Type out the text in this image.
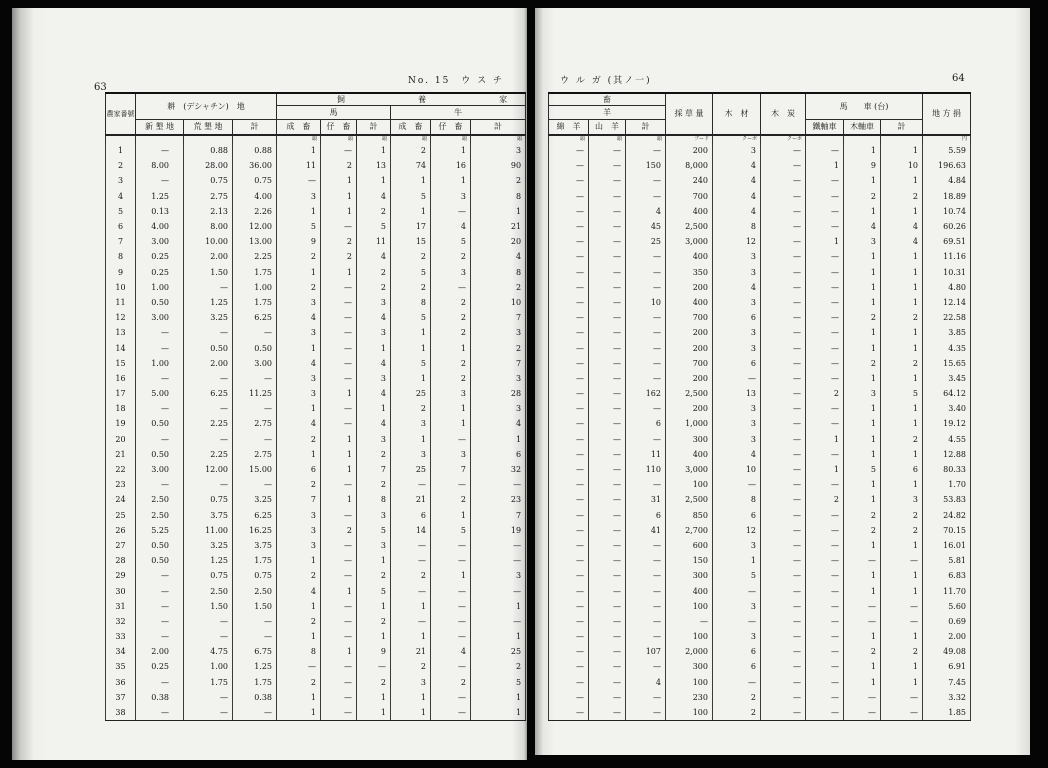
63
No. 15　ウ ス チ
農家番號	耕　(デシャチン)　地			飼 養 家					

				馬			牛		
	新 墾 地	荒 墾 地	計	成　畜	仔　畜	計	成　畜	仔　畜	計
				頭	頭	頭	頭	頭	頭
1	—	0.88	0.88	1	—	1	2	1	3
2	8.00	28.00	36.00	11	2	13	74	16	90
3	—	0.75	0.75	—	1	1	1	1	2
4	1.25	2.75	4.00	3	1	4	5	3	8
5	0.13	2.13	2.26	1	1	2	1	—	1
6	4.00	8.00	12.00	5	—	5	17	4	21
7	3.00	10.00	13.00	9	2	11	15	5	20
8	0.25	2.00	2.25	2	2	4	2	2	4
9	0.25	1.50	1.75	1	1	2	5	3	8
10	1.00	—	1.00	2	—	2	2	—	2
11	0.50	1.25	1.75	3	—	3	8	2	10
12	3.00	3.25	6.25	4	—	4	5	2	7
13	—	—	—	3	—	3	1	2	3
14	—	0.50	0.50	1	—	1	1	1	2
15	1.00	2.00	3.00	4	—	4	5	2	7
16	—	—	—	3	—	3	1	2	3
17	5.00	6.25	11.25	3	1	4	25	3	28
18	—	—	—	1	—	1	2	1	3
19	0.50	2.25	2.75	4	—	4	3	1	4
20	—	—	—	2	1	3	1	—	1
21	0.50	2.25	2.75	1	1	2	3	3	6
22	3.00	12.00	15.00	6	1	7	25	7	32
23	—	—	—	2	—	2	—	—	—
24	2.50	0.75	3.25	7	1	8	21	2	23
25	2.50	3.75	6.25	3	—	3	6	1	7
26	5.25	11.00	16.25	3	2	5	14	5	19
27	0.50	3.25	3.75	3	—	3	—	—	—
28	0.50	1.25	1.75	1	—	1	—	—	—
29	—	0.75	0.75	2	—	2	2	1	3
30	—	2.50	2.50	4	1	5	—	—	—
31	—	1.50	1.50	1	—	1	1	—	1
32	—	—	—	2	—	2	—	—	—
33	—	—	—	1	—	1	1	—	1
34	2.00	4.75	6.75	8	1	9	21	4	25
35	0.25	1.00	1.25	—	—	—	2	—	2
36	—	1.75	1.75	2	—	2	3	2	5
37	0.38	—	0.38	1	—	1	1	—	1
38	—	—	—	1	—	1	1	—	1
ウ ル ガ (其ノ一)	64
畜			採 草 量	木　材	木　炭	馬　　車 (台)			地 方 捐
羊									
綿　羊	山　羊	計				鐵軸車	木軸車	計	
頭	頭	頭	プード	クーボ	クーボ				円
—	—	—	200	3	—	—	1	1	5.59
—	—	150	8,000	4	—	1	9	10	196.63
—	—	—	240	4	—	—	1	1	4.84
—	—	—	700	4	—	—	2	2	18.89
—	—	4	400	4	—	—	1	1	10.74
—	—	45	2,500	8	—	—	4	4	60.26
—	—	25	3,000	12	—	1	3	4	69.51
—	—	—	400	3	—	—	1	1	11.16
—	—	—	350	3	—	—	1	1	10.31
—	—	—	200	4	—	—	1	1	4.80
—	—	10	400	3	—	—	1	1	12.14
—	—	—	700	6	—	—	2	2	22.58
—	—	—	200	3	—	—	1	1	3.85
—	—	—	200	3	—	—	1	1	4.35
—	—	—	700	6	—	—	2	2	15.65
—	—	—	200	—	—	—	1	1	3.45
—	—	162	2,500	13	—	2	3	5	64.12
—	—	—	200	3	—	—	1	1	3.40
—	—	6	1,000	3	—	—	1	1	19.12
—	—	—	300	3	—	1	1	2	4.55
—	—	11	400	4	—	—	1	1	12.88
—	—	110	3,000	10	—	1	5	6	80.33
—	—	—	100	—	—	—	1	1	1.70
—	—	31	2,500	8	—	2	1	3	53.83
—	—	6	850	6	—	—	2	2	24.82
—	—	41	2,700	12	—	—	2	2	70.15
—	—	—	600	3	—	—	1	1	16.01
—	—	—	150	1	—	—	—	—	5.81
—	—	—	300	5	—	—	1	1	6.83
—	—	—	400	—	—	—	1	1	11.70
—	—	—	100	3	—	—	—	—	5.60
—	—	—	—	—	—	—	—	—	0.69
—	—	—	100	3	—	—	1	1	2.00
—	—	107	2,000	6	—	—	2	2	49.08
—	—	—	300	6	—	—	1	1	6.91
—	—	4	100	—	—	—	1	1	7.45
—	—	—	230	2	—	—	—	—	3.32
—	—	—	100	2	—	—	—	—	1.85
